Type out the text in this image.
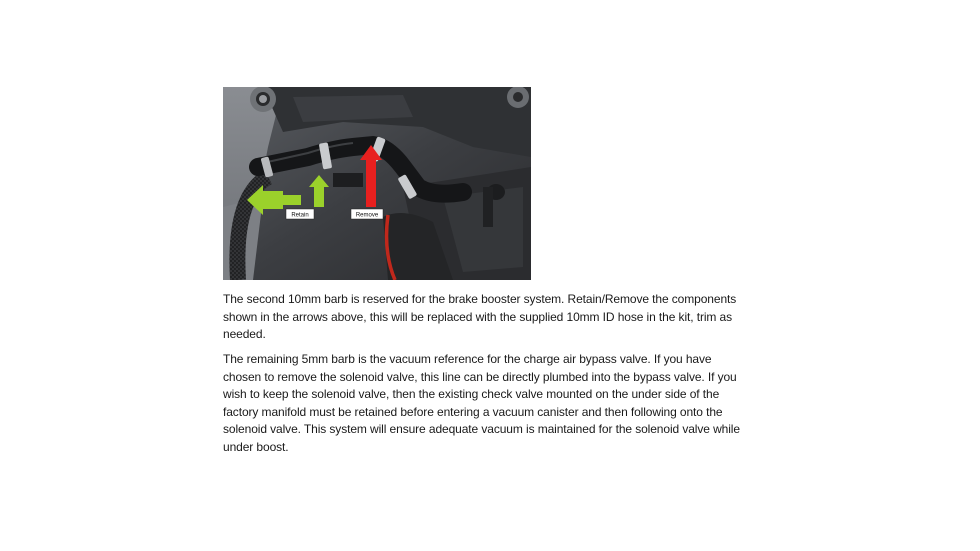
Retain	Remove

The second 10mm barb is reserved for the brake booster system. Retain/Remove the components shown in the arrows above, this will be replaced with the supplied 10mm ID hose in the kit, trim as needed.

The remaining 5mm barb is the vacuum reference for the charge air bypass valve. If you have chosen to remove the solenoid valve, this line can be directly plumbed into the bypass valve. If you wish to keep the solenoid valve, then the existing check valve mounted on the under side of the factory manifold must be retained before entering a vacuum canister and then following onto the solenoid valve. This system will ensure adequate vacuum is maintained for the solenoid valve while under boost.
